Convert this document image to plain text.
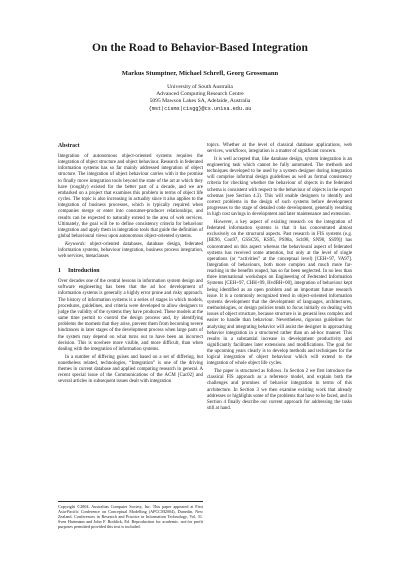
On the Road to Behavior-Based Integration
Markus Stumptner, Michael Schrefl, Georg Grossmann
University of South Australia
Advanced Computing Research Centre
5095 Mawson Lakes SA, Adelaide, Australia
{mst|cisms|cisgg}@cs.unisa.edu.au
Abstract

Integration of autonomous object-oriented systems requires the integration of object structure and object behaviour. Research in federated information systems has so far mainly addressed integration of object structure. The integration of object behaviour carries with it the promise to finally move integration tools beyond the state of the art at which they have (roughly) existed for the better part of a decade, and we are embarked on a project that examines this problem in terms of object life cycles. The topic is also increasing in actuality since it also applies to the integration of business processes, which is typically required when companies merge or enter into consumer-producer relationships, and results can be expected to naturally extend to the area of web services. Ultimately, the goal will be to define consistency criteria for behaviour integration and apply them in integration tools that guide the definition of global behavioural views upon autonomous object-oriented systems.

Keywords: object-oriented databases, database design, federated information systems, behaviour integration, business process integration, web services, metaclasses

1 Introduction

Over decades one of the central lessons in information system design and software engineering has been that the ad hoc development of information systems is generally a highly error prone and risky approach. The history of information systems is a series of stages in which models, procedures, guidelines, and criteria were developed to allow designers to judge the validity of the systems they have produced. These models at the same time permit to control the design process and, by identifying problems the moment that they arise, prevent them from becoming severe hindrances in later stages of the development process when large parts of the system may depend on what turns out to have been an incorrect decision. This is nowhere more visible, and more difficult, than when dealing with the integration of information systems.

In a number of differing guises and based on a set of differing, but nonetheless related, technologies, “Integration” is one of the driving themes in current database and applied computing research in general. A recent special issue of the Communications of the ACM [Cac02] and several articles in subsequent issues dealt with integration

topics. Whether at the level of classical database applications, web services, workflows, integration is a matter of significant concern.

It is well accepted that, like database design, system integration is an engineering task which cannot be fully automated. The methods and techniques developed to be used by a system designer during integration will comprise informal design guidelines as well as formal consistency criteria for checking whether the behaviour of objects in the federated schema is consistent with respect to the behaviour of objects in the export schemas (see Section 4.3). This will enable designers to identify and correct problems in the design of such systems before development progresses to the stage of detailed code development, generally resulting in high cost savings in development and later maintenance and extension.

However, a key aspect of existing research on the integration of federated information systems is that it has concentrated almost exclusively on the structural aspects. Past research in FIS systems (e.g. [BE96, Con97, GSSC95, KS95, PS98a, Sch98, SN98, SS99]) has concentrated on this aspect whereas the behavioural aspect of federated systems has received some attention, but only at the level of single operations (or “activities” at the conceptual level) [CEH+97, VA97]. Integration of behaviours, both more complex and much more far-reaching in the benefits reaped, has so far been neglected. In no less than three international workshops on Engineering of Federated Information Systems [CEH+97, CHH+99, HvdBH+00], integration of behaviour kept being identified as an open problem and an important future research issue. It is a commonly recognized trend in object-oriented information systems development that the development of languages, architectures, methodologies, or design policies tends to focus initially on dealing with issues of object structure, because structure is in general less complex and easier to handle than behaviour. Nevertheless, rigorous guidelines for analysing and integrating behavior will assist the designer in approaching behavior integration in a structured rather than an ad-hoc manner. This results in a substantial increase in development productivity and significantly facilitates later extensions and modifications. The goal for the upcoming years clearly is to develop methods and techniques for the logical integration of object behaviour which will extend to the integration of whole object life cycles.

The paper is structured as follows. In Section 2 we first introduce the classical FIS approach as a reference model, and explain both the challenges and promises of behavior integration in terms of this architecture. In Section 3 we then examine existing work that already addresses or highlights some of the problems that have to be faced, and in Section 4 finally describe our current approach for addressing the tasks still at hand.

Copyright ©2004, Australian Computer Society, Inc. This paper appeared at First Asia-Pacific Conference on Conceptual Modelling (APCCM2004), Dunedin, New Zealand. Conferences in Research and Practice in Information Technology, Vol. 31. Sven Hartmann and John F. Roddick, Ed. Reproduction for academic, not-for profit purposes permitted provided this text is included.
